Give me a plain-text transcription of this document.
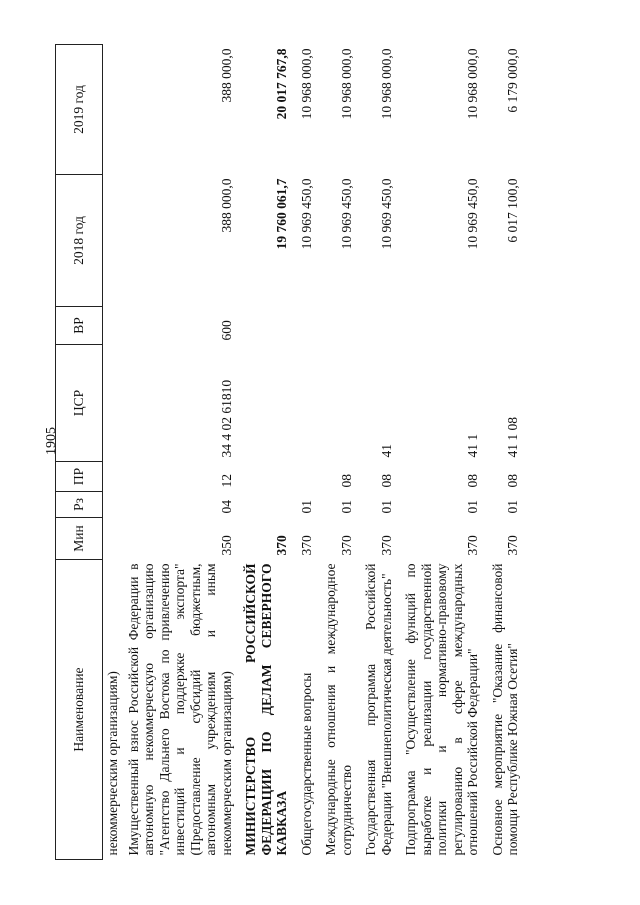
1905
Наименование	Мин	Рз	ПР	ЦСР	ВР	2018 год	2019 год
некоммерческим организациям)							
Имущественный взнос Российской Федерации в автономную некоммерческую организацию "Агентство Дальнего Востока по привлечению инвестиций и поддержке экспорта" (Предоставление субсидий бюджетным, автономным учреждениям и иным некоммерческим организациям)	350	04	12	34 4 02 61810	600	388 000,0	388 000,0
МИНИСТЕРСТВО РОССИЙСКОЙ ФЕДЕРАЦИИ ПО ДЕЛАМ СЕВЕРНОГО КАВКАЗА	370					19 760 061,7	20 017 767,8
Общегосударственные вопросы	370	01				10 969 450,0	10 968 000,0
Международные отношения и международное сотрудничество	370	01	08			10 969 450,0	10 968 000,0
Государственная программа Российской Федерации "Внешнеполитическая деятельность"	370	01	08	41		10 969 450,0	10 968 000,0
Подпрограмма "Осуществление функций по выработке и реализации государственной политики и нормативно-правовому регулированию в сфере международных отношений Российской Федерации"	370	01	08	41 1		10 969 450,0	10 968 000,0
Основное мероприятие "Оказание финансовой помощи Республике Южная Осетия"	370	01	08	41 1 08		6 017 100,0	6 179 000,0
